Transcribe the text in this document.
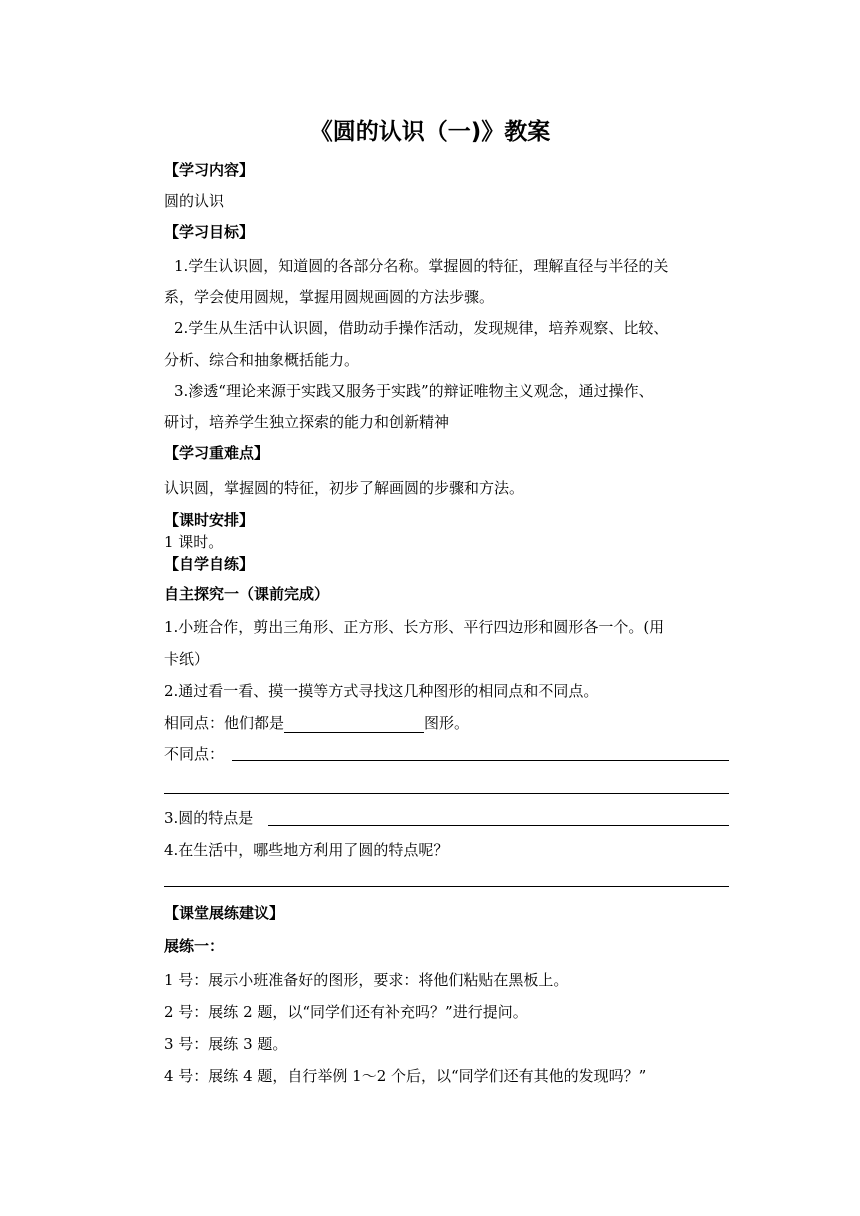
《圆的认识（一)》教案
【学习内容】
圆的认识
【学习目标】
1.学生认识圆，知道圆的各部分名称。掌握圆的特征，理解直径与半径的关
系，学会使用圆规，掌握用圆规画圆的方法步骤。
2.学生从生活中认识圆，借助动手操作活动，发现规律，培养观察、比较、
分析、综合和抽象概括能力。
3.渗透“理论来源于实践又服务于实践”的辩证唯物主义观念，通过操作、
研讨，培养学生独立探索的能力和创新精神
【学习重难点】
认识圆，掌握圆的特征，初步了解画圆的步骤和方法。
【课时安排】
1 课时。
【自学自练】
自主探究一（课前完成）
1.小班合作，剪出三角形、正方形、长方形、平行四边形和圆形各一个。(用
卡纸）
2.通过看一看、摸一摸等方式寻找这几种图形的相同点和不同点。
相同点：他们都是	图形。
不同点：
3.圆的特点是
4.在生活中，哪些地方利用了圆的特点呢？
【课堂展练建议】
展练一：
1 号：展示小班准备好的图形，要求：将他们粘贴在黑板上。
2 号：展练 2 题，以“同学们还有补充吗？”进行提问。
3 号：展练 3 题。
4 号：展练 4 题，自行举例 1～2 个后，以“同学们还有其他的发现吗？”
